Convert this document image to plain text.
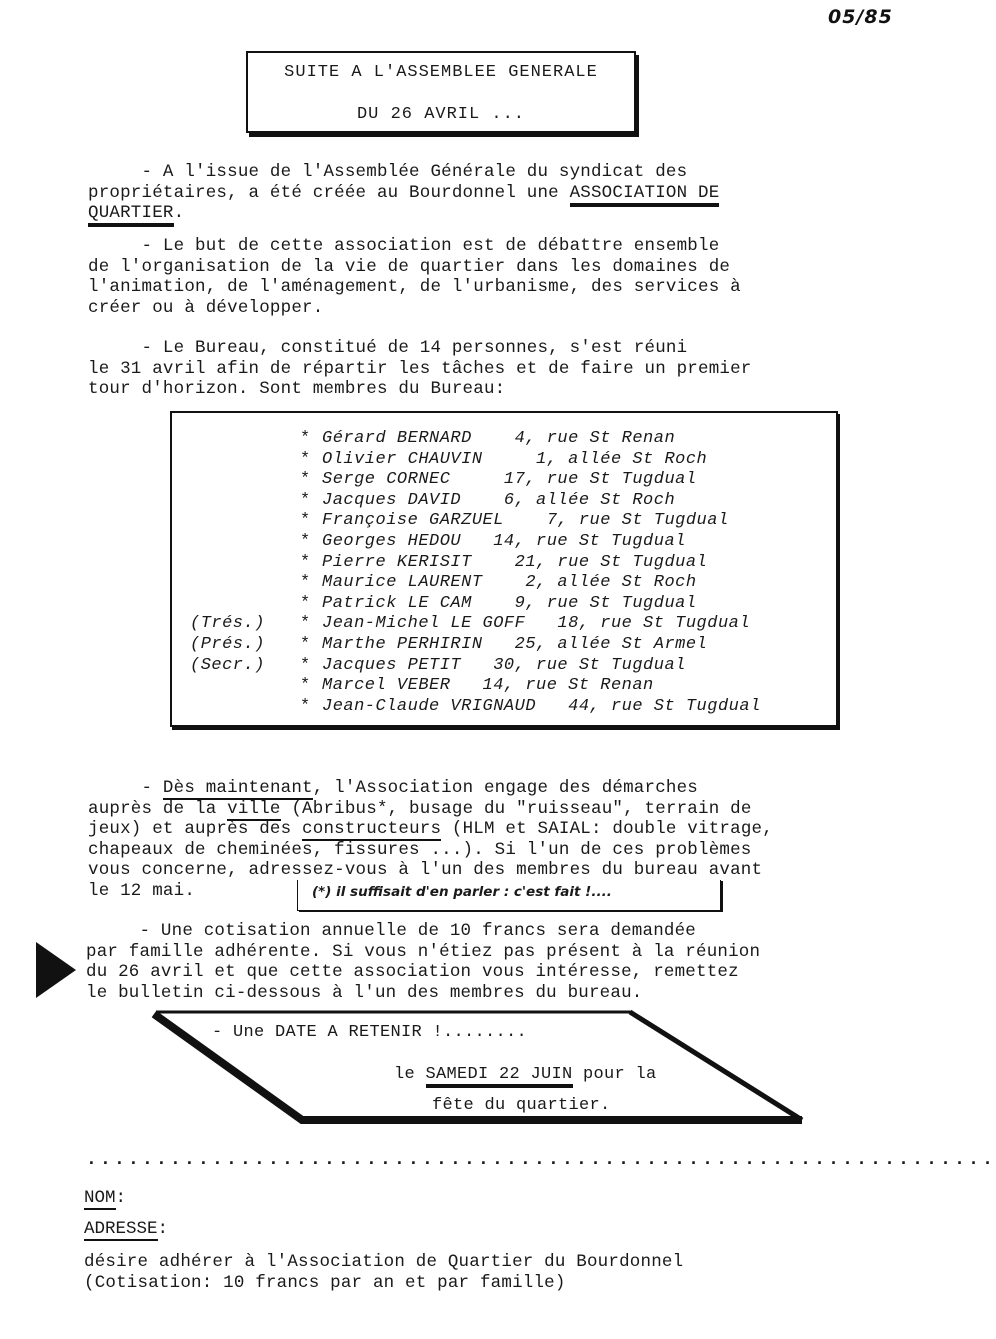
05/85
SUITE A L'ASSEMBLEE GENERALE
DU 26 AVRIL ...
- A l'issue de l'Assemblée Générale du syndicat des
propriétaires, a été créée au Bourdonnel une ASSOCIATION DE
QUARTIER.
- Le but de cette association est de débattre ensemble
de l'organisation de la vie de quartier dans les domaines de
l'animation, de l'aménagement, de l'urbanisme, des services à
créer ou à développer.
- Le Bureau, constitué de 14 personnes, s'est réuni
le 31 avril afin de répartir les tâches et de faire un premier
tour d'horizon. Sont membres du Bureau:
* Gérard BERNARD    4, rue St Renan
* Olivier CHAUVIN     1, allée St Roch
* Serge CORNEC     17, rue St Tugdual
* Jacques DAVID    6, allée St Roch
* Françoise GARZUEL    7, rue St Tugdual
* Georges HEDOU   14, rue St Tugdual
* Pierre KERISIT    21, rue St Tugdual
* Maurice LAURENT    2, allée St Roch
* Patrick LE CAM    9, rue St Tugdual
(Trés.) * Jean-Michel LE GOFF   18, rue St Tugdual
(Prés.) * Marthe PERHIRIN   25, allée St Armel
(Secr.) * Jacques PETIT   30, rue St Tugdual
* Marcel VEBER   14, rue St Renan
* Jean-Claude VRIGNAUD   44, rue St Tugdual
- Dès maintenant, l'Association engage des démarches
auprès de la ville (Abribus*, busage du "ruisseau", terrain de
jeux) et auprès des constructeurs (HLM et SAIAL: double vitrage,
chapeaux de cheminées, fissures ...). Si l'un de ces problèmes
vous concerne, adressez-vous à l'un des membres du bureau avant
le 12 mai.	(*) il suffisait d'en parler : c'est fait !....
- Une cotisation annuelle de 10 francs sera demandée
par famille adhérente. Si vous n'étiez pas présent à la réunion
du 26 avril et que cette association vous intéresse, remettez
le bulletin ci-dessous à l'un des membres du bureau.
- Une DATE A RETENIR !........
le SAMEDI 22 JUIN pour la
fête du quartier.
.................................................................
NOM:
ADRESSE:
désire adhérer à l'Association de Quartier du Bourdonnel
(Cotisation: 10 francs par an et par famille)
